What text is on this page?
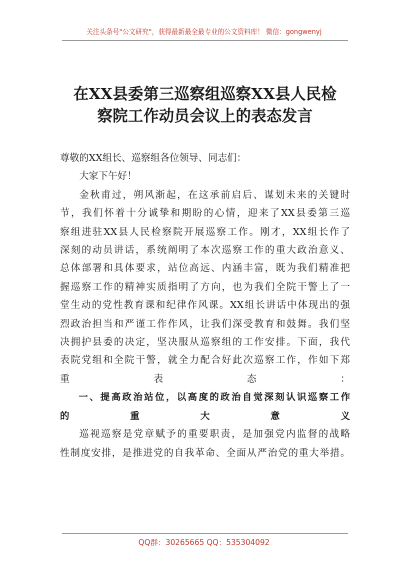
关注头条号"公文研究"，获得最新最全最专业的公文资料库！ 微信：gongwenyj
在XX县委第三巡察组巡察XX县人民检
察院工作动员会议上的表态发言

尊敬的XX组长、巡察组各位领导、同志们：

大家下午好！

金秋甫过，朔风渐起，在这承前启后、谋划未来的关键时
节，我们怀着十分诚挚和期盼的心情，迎来了XX县委第三巡
察组进驻XX县人民检察院开展巡察工作。刚才，XX组长作了
深刻的动员讲话，系统阐明了本次巡察工作的重大政治意义、
总体部署和具体要求，站位高远、内涵丰富，既为我们精准把
握巡察工作的精神实质指明了方向，也为我们全院干警上了一
堂生动的党性教育课和纪律作风课。XX组长讲话中体现出的强
烈政治担当和严谨工作作风，让我们深受教育和鼓舞。我们坚
决拥护县委的决定，坚决服从巡察组的工作安排。下面，我代
表院党组和全院干警，就全力配合好此次巡察工作，作如下郑
重表态：
一、提高政治站位，以高度的政治自觉深刻认识巡察工作
的重大意义
巡视巡察是党章赋予的重要职责，是加强党内监督的战略
性制度安排，是推进党的自我革命、全面从严治党的重大举措。
QQ群：30265665 QQ：535304092
